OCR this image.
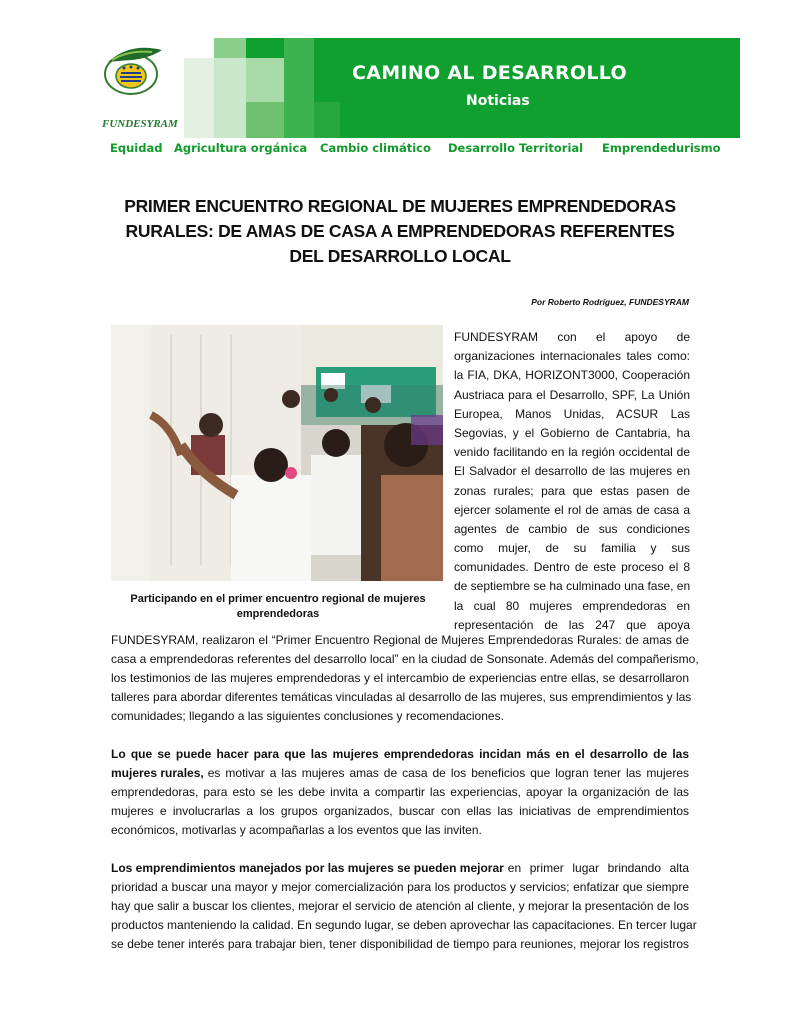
FUNDESYRAM
CAMINO AL DESARROLLO
Noticias
Equidad Agricultura orgánica Cambio climático Desarrollo Territorial Emprendedurismo
PRIMER ENCUENTRO REGIONAL DE MUJERES EMPRENDEDORAS RURALES: DE AMAS DE CASA A EMPRENDEDORAS REFERENTES DEL DESARROLLO LOCAL
Por Roberto Rodríguez, FUNDESYRAM
Participando en el primer encuentro regional de mujeres emprendedoras
FUNDESYRAM con el apoyo de
organizaciones internacionales tales como:
la FIA, DKA, HORIZONT3000, Cooperación
Austriaca para el Desarrollo, SPF, La Unión
Europea, Manos Unidas, ACSUR Las
Segovias, y el Gobierno de Cantabria, ha
venido facilitando en la región occidental de
El Salvador el desarrollo de las mujeres en
zonas rurales; para que estas pasen de
ejercer solamente el rol de amas de casa a
agentes de cambio de sus condiciones
como mujer, de su familia y sus
comunidades. Dentro de este proceso el 8
de septiembre se ha culminado una fase, en
la cual 80 mujeres emprendedoras en
representación de las 247 que apoya
FUNDESYRAM, realizaron el “Primer Encuentro Regional de Mujeres Emprendedoras Rurales: de amas de
casa a emprendedoras referentes del desarrollo local” en la ciudad de Sonsonate. Además del compañerismo,
los testimonios de las mujeres emprendedoras y el intercambio de experiencias entre ellas, se desarrollaron
talleres para abordar diferentes temáticas vinculadas al desarrollo de las mujeres, sus emprendimientos y las
comunidades; llegando a las siguientes conclusiones y recomendaciones.
Lo que se puede hacer para que las mujeres emprendedoras incidan más en el desarrollo de las
mujeres rurales, es motivar a las mujeres amas de casa de los beneficios que logran tener las mujeres
emprendedoras, para esto se les debe invita a compartir las experiencias, apoyar la organización de las
mujeres e involucrarlas a los grupos organizados, buscar con ellas las iniciativas de emprendimientos
económicos, motivarlas y acompañarlas a los eventos que las inviten.
Los emprendimientos manejados por las mujeres se pueden mejorar en primer lugar brindando alta
prioridad a buscar una mayor y mejor comercialización para los productos y servicios; enfatizar que siempre
hay que salir a buscar los clientes, mejorar el servicio de atención al cliente, y mejorar la presentación de los
productos manteniendo la calidad. En segundo lugar, se deben aprovechar las capacitaciones. En tercer lugar
se debe tener interés para trabajar bien, tener disponibilidad de tiempo para reuniones, mejorar los registros
